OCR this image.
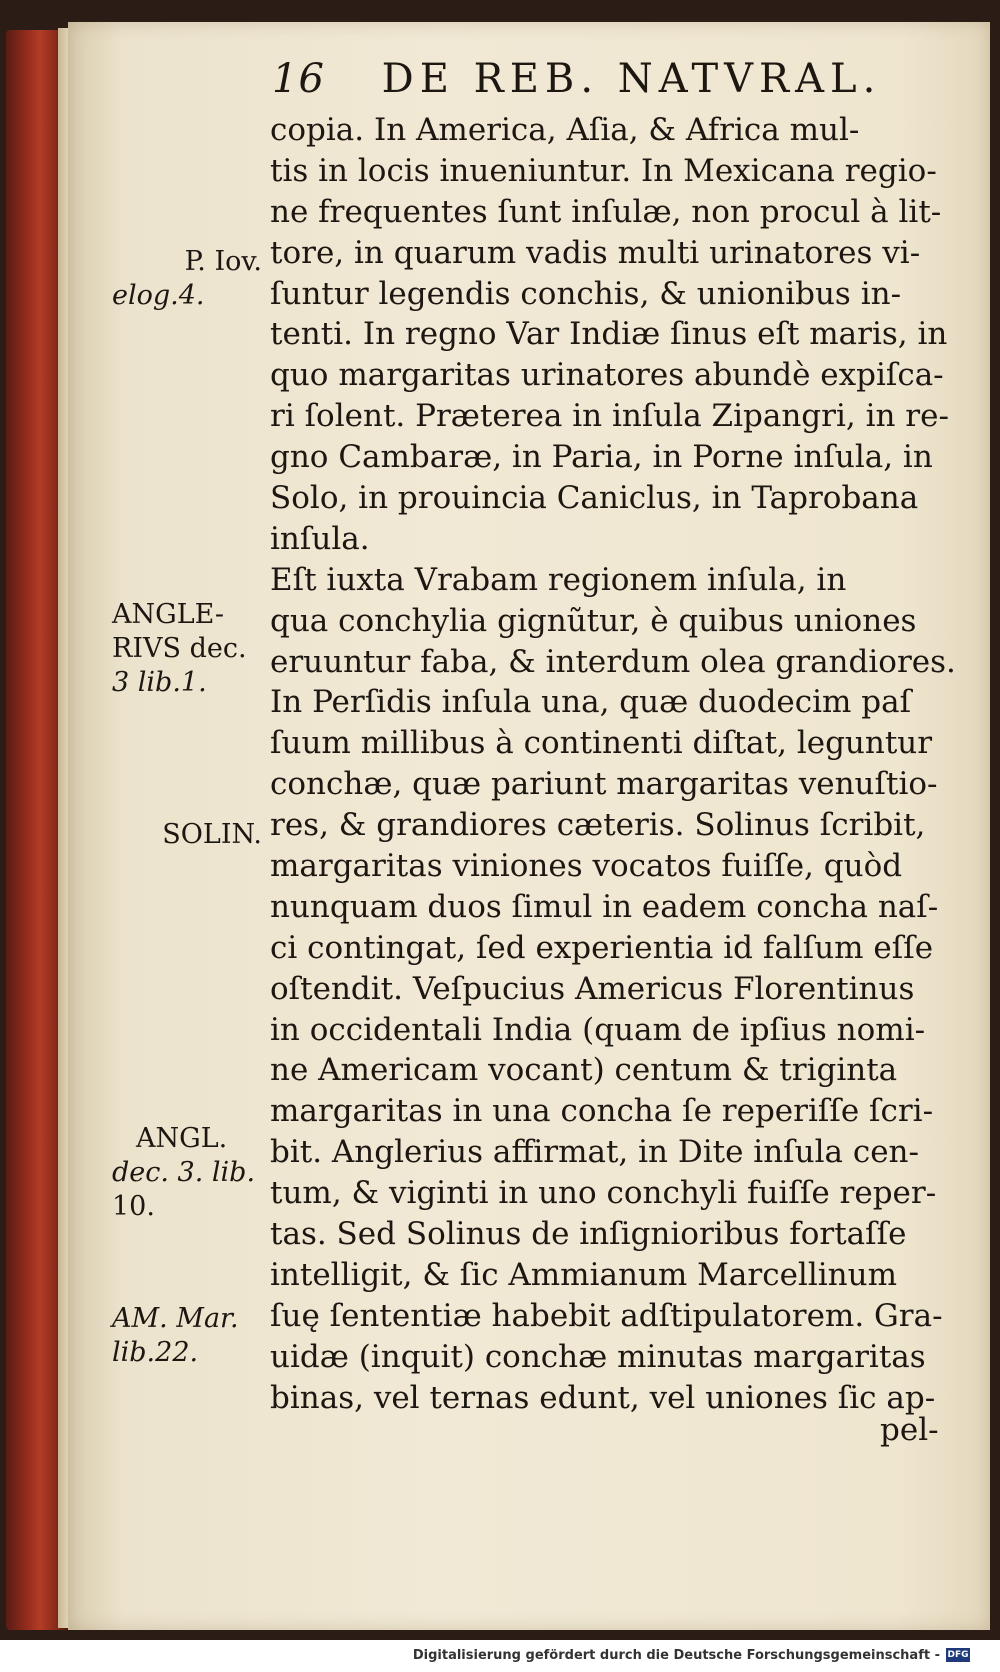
16 DE REB. NATVRAL.
copia. In America, Aſia, & Africa mul-
tis in locis inueniuntur. In Mexicana regio-
ne frequentes ſunt inſulæ, non procul à lit-
tore, in quarum vadis multi urinatores vi-
ſuntur legendis conchis, & unionibus in-
tenti. In regno Var Indiæ ſinus eſt maris, in
quo margaritas urinatores abundè expiſca-
ri ſolent. Præterea in inſula Zipangri, in re-
gno Cambaræ, in Paria, in Porne inſula, in
Solo, in prouincia Caniclus, in Taprobana
inſula.
Eſt iuxta Vrabam regionem inſula, in
qua conchylia gignũtur, è quibus uniones
eruuntur faba, & interdum olea grandiores.
In Perſidis inſula una, quæ duodecim paſ
ſuum millibus à continenti diſtat, leguntur
conchæ, quæ pariunt margaritas venuſtio-
res, & grandiores cæteris. Solinus ſcribit,
margaritas viniones vocatos fuiſſe, quòd
nunquam duos ſimul in eadem concha naſ-
ci contingat, ſed experientia id falſum eſſe
oſtendit. Veſpucius Americus Florentinus
in occidentali India (quam de ipſius nomi-
ne Americam vocant) centum & triginta
margaritas in una concha ſe reperiſſe ſcri-
bit. Anglerius affirmat, in Dite inſula cen-
tum, & viginti in uno conchyli fuiſſe reper-
tas. Sed Solinus de inſignioribus fortaſſe
intelligit, & ſic Ammianum Marcellinum
ſuę ſententiæ habebit adſtipulatorem. Gra-
uidæ (inquit) conchæ minutas margaritas
binas, vel ternas edunt, vel uniones ſic ap-
pel-
P. Iov.
elog.4.
ANGLE-
RIVS dec.
3 lib.1.
SOLIN.
ANGL.
dec. 3. lib.
10.
AM. Mar.
lib.22.
Digitalisierung gefördert durch die Deutsche Forschungsgemeinschaft - DFG
